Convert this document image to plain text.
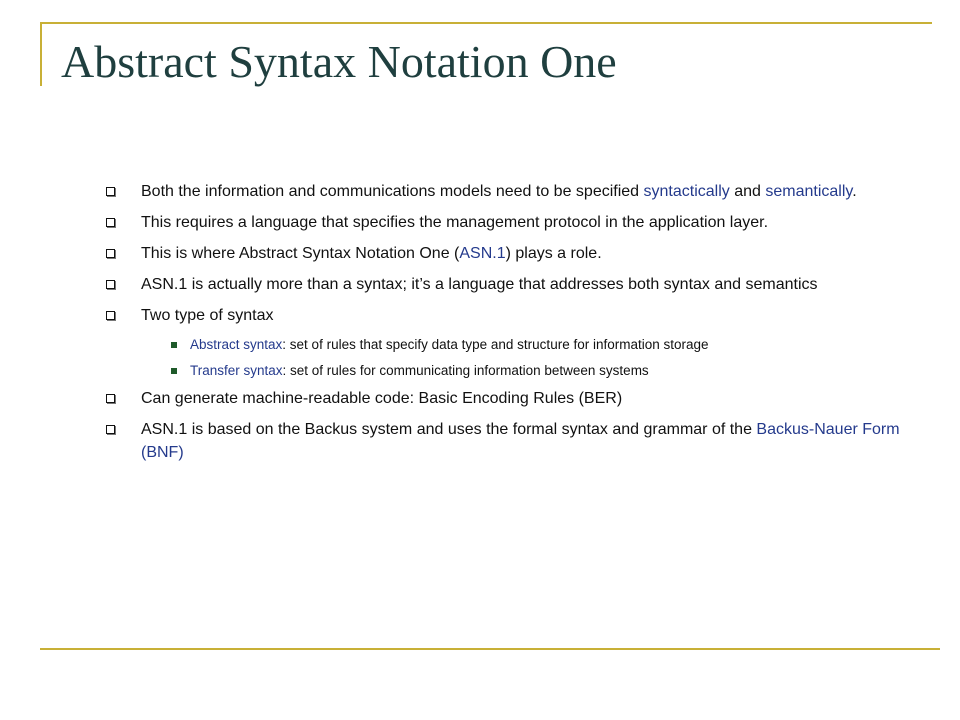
Abstract Syntax Notation One
Both the information and communications models need to be specified syntactically and semantically.
This requires a language that specifies the management protocol in the application layer.
This is where Abstract Syntax Notation One (ASN.1) plays a role.
ASN.1 is actually more than a syntax; it’s a language that addresses both syntax and semantics
Two type of syntax
Abstract syntax: set of rules that specify data type and structure for information storage
Transfer syntax: set of rules for communicating information between systems
Can generate machine-readable code: Basic Encoding Rules (BER)
ASN.1 is based on the Backus system and uses the formal syntax and grammar of the Backus-Nauer Form (BNF)
